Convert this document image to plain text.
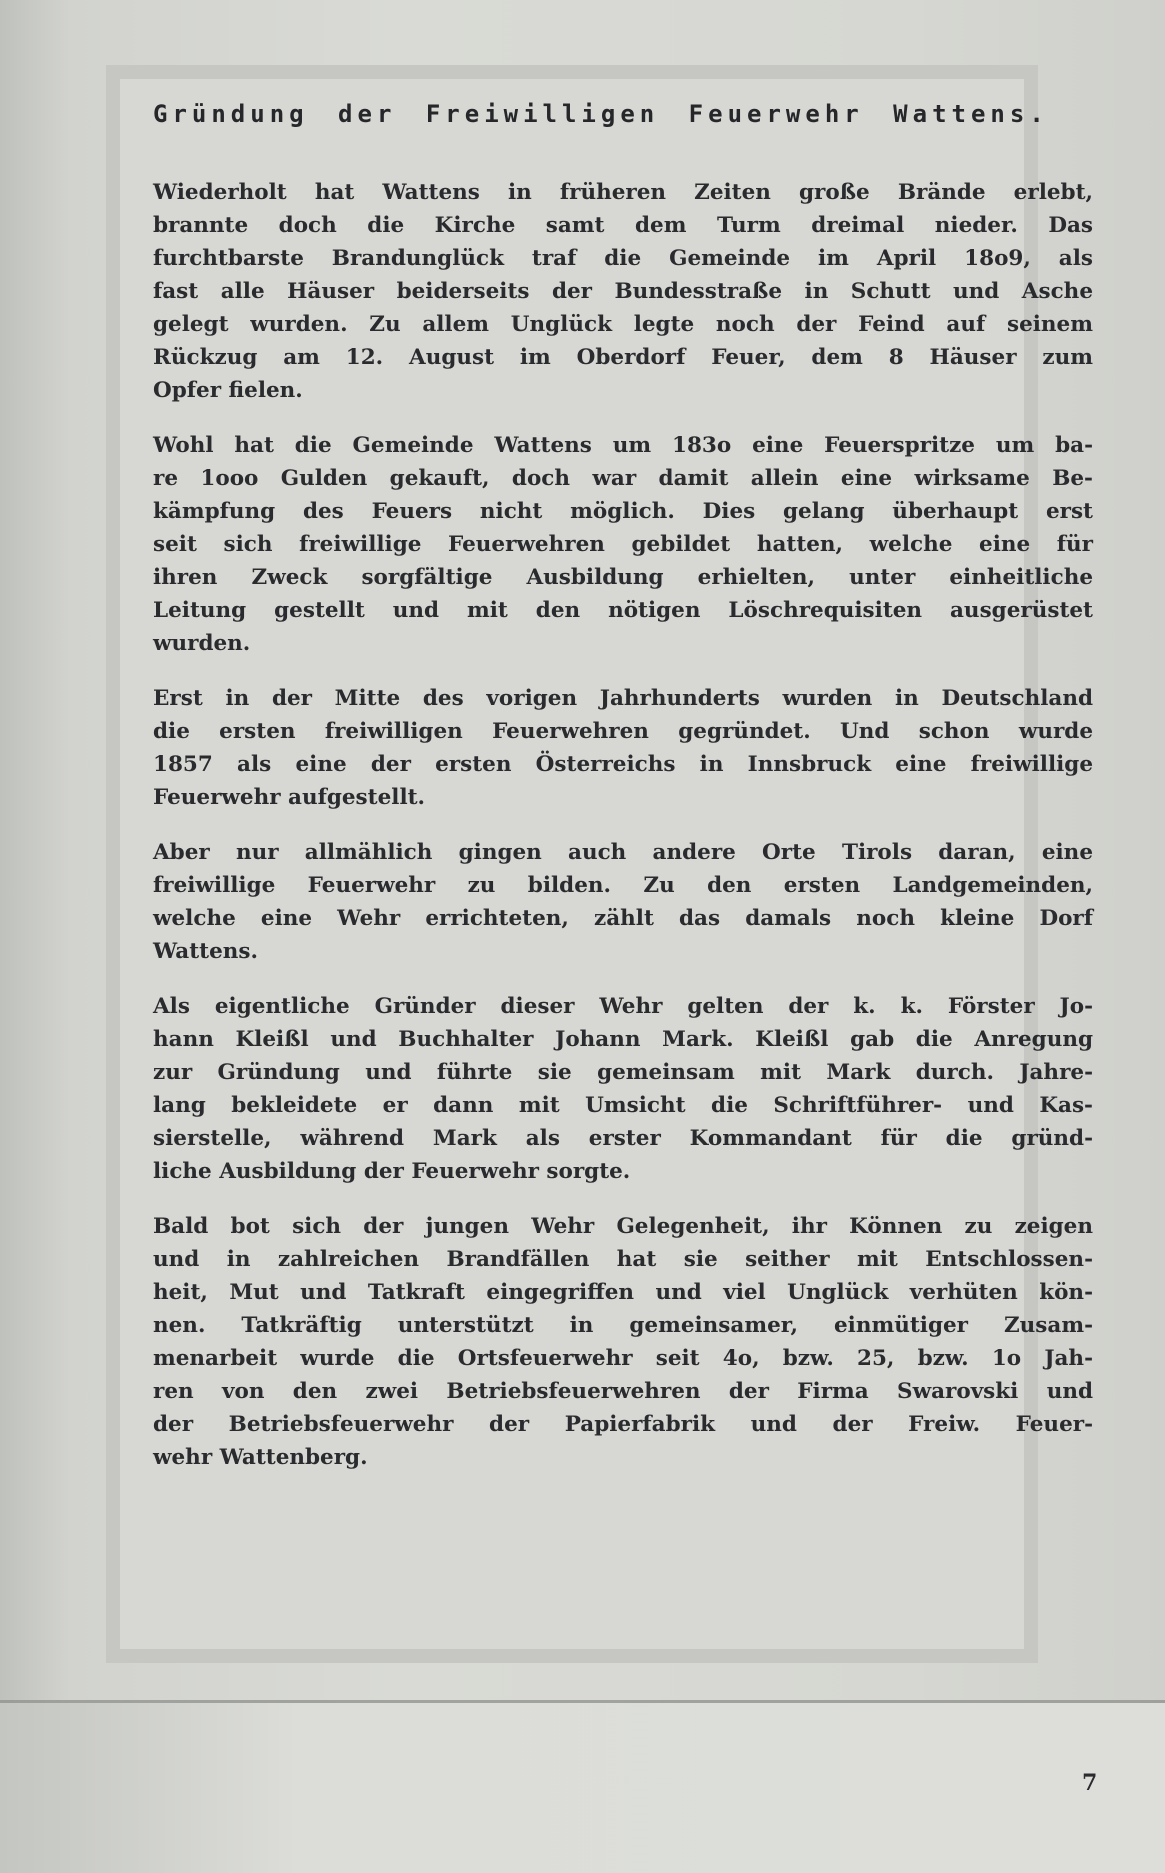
Gründung der Freiwilligen Feuerwehr Wattens.
Wiederholt hat Wattens in früheren Zeiten große Brände erlebt,
brannte doch die Kirche samt dem Turm dreimal nieder. Das
furchtbarste Brandunglück traf die Gemeinde im April 18o9, als
fast alle Häuser beiderseits der Bundesstraße in Schutt und Asche
gelegt wurden. Zu allem Unglück legte noch der Feind auf seinem
Rückzug am 12. August im Oberdorf Feuer, dem 8 Häuser zum
Opfer fielen.
Wohl hat die Gemeinde Wattens um 183o eine Feuerspritze um ba-
re 1ooo Gulden gekauft, doch war damit allein eine wirksame Be-
kämpfung des Feuers nicht möglich. Dies gelang überhaupt erst
seit sich freiwillige Feuerwehren gebildet hatten, welche eine für
ihren Zweck sorgfältige Ausbildung erhielten, unter einheitliche
Leitung gestellt und mit den nötigen Löschrequisiten ausgerüstet
wurden.
Erst in der Mitte des vorigen Jahrhunderts wurden in Deutschland
die ersten freiwilligen Feuerwehren gegründet. Und schon wurde
1857 als eine der ersten Österreichs in Innsbruck eine freiwillige
Feuerwehr aufgestellt.
Aber nur allmählich gingen auch andere Orte Tirols daran, eine
freiwillige Feuerwehr zu bilden. Zu den ersten Landgemeinden,
welche eine Wehr errichteten, zählt das damals noch kleine Dorf
Wattens.
Als eigentliche Gründer dieser Wehr gelten der k. k. Förster Jo-
hann Kleißl und Buchhalter Johann Mark. Kleißl gab die Anregung
zur Gründung und führte sie gemeinsam mit Mark durch. Jahre-
lang bekleidete er dann mit Umsicht die Schriftführer- und Kas-
sierstelle, während Mark als erster Kommandant für die gründ-
liche Ausbildung der Feuerwehr sorgte.
Bald bot sich der jungen Wehr Gelegenheit, ihr Können zu zeigen
und in zahlreichen Brandfällen hat sie seither mit Entschlossen-
heit, Mut und Tatkraft eingegriffen und viel Unglück verhüten kön-
nen. Tatkräftig unterstützt in gemeinsamer, einmütiger Zusam-
menarbeit wurde die Ortsfeuerwehr seit 4o, bzw. 25, bzw. 1o Jah-
ren von den zwei Betriebsfeuerwehren der Firma Swarovski und
der Betriebsfeuerwehr der Papierfabrik und der Freiw. Feuer-
wehr Wattenberg.
7
